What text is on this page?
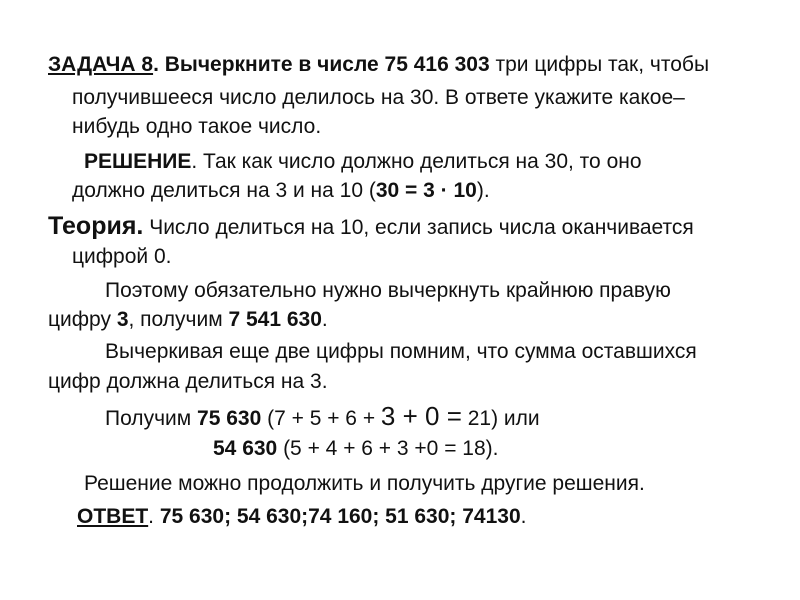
ЗАДАЧА 8. Вычеркните в числе 75 416 303 три цифры так, чтобы
получившееся число делилось на 30. В ответе укажите какое–
нибудь одно такое число.
РЕШЕНИЕ. Так как число должно делиться на 30, то оно
должно делиться на 3 и на 10 (30 = 3 · 10).
Теория. Число делиться на 10, если запись числа оканчивается
цифрой 0.
Поэтому обязательно нужно вычеркнуть крайнюю правую
цифру 3, получим 7 541 630.
Вычеркивая еще две цифры помним, что сумма оставшихся
цифр должна делиться на 3.
Получим 75 630 (7 + 5 + 6 + 3 + 0 = 21) или
54 630 (5 + 4 + 6 + 3 +0 = 18).
Решение можно продолжить и получить другие решения.
ОТВЕТ. 75 630; 54 630;74 160; 51 630; 74130.
